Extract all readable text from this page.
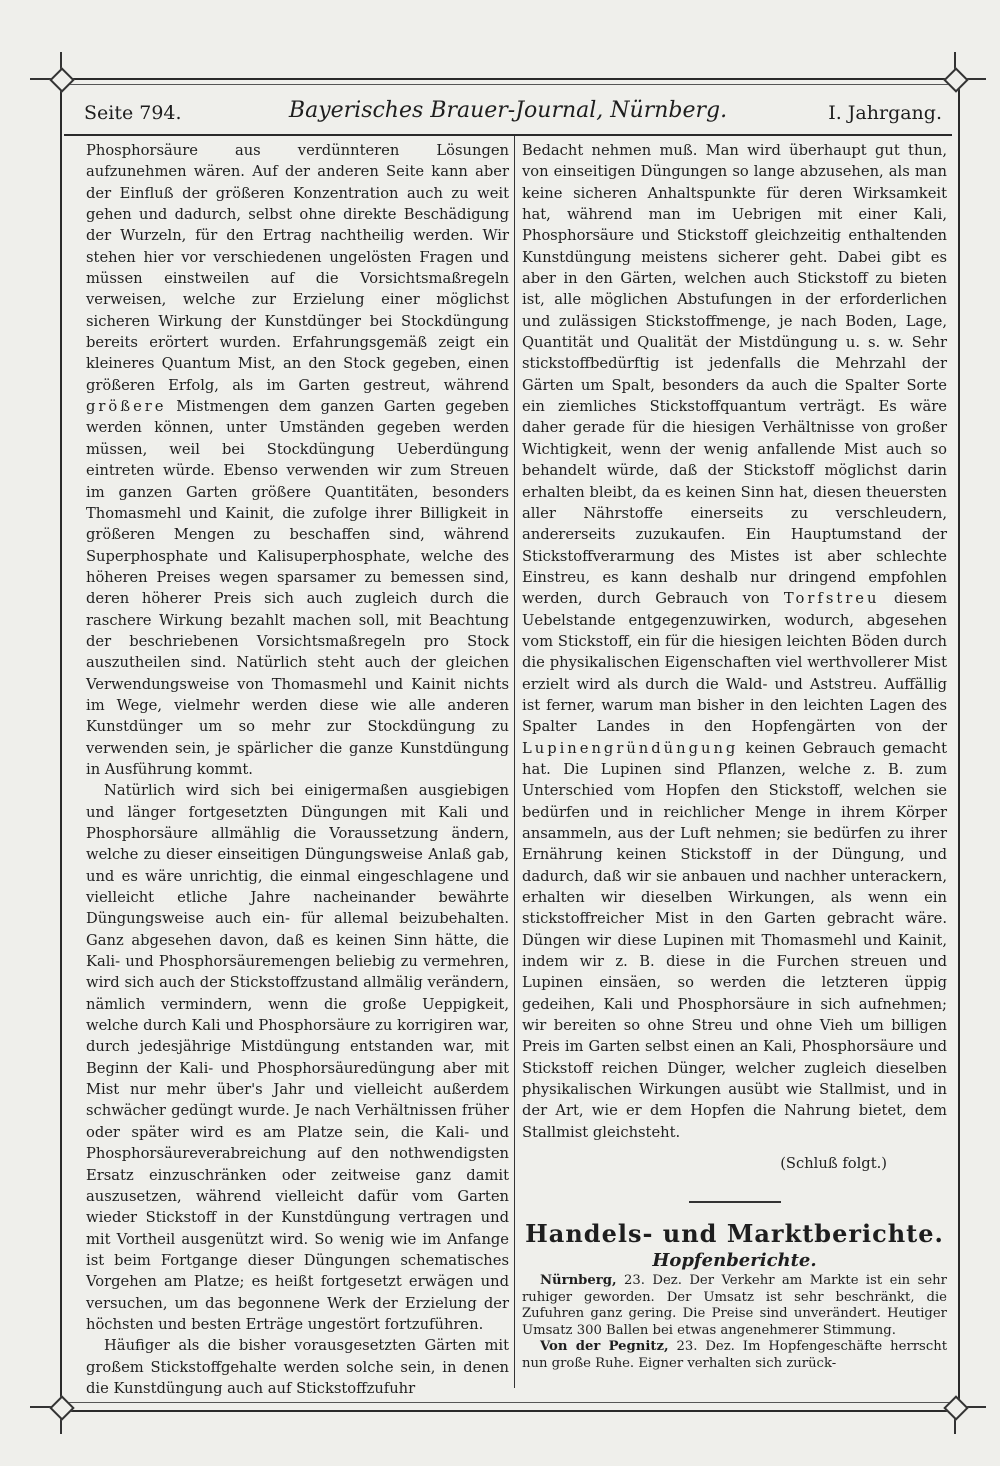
Seite 794.	Bayerisches Brauer-Journal, Nürnberg.	I. Jahrgang.

Phosphorsäure aus verdünnteren Lösungen aufzunehmen wären. Auf der anderen Seite kann aber der Einfluß der größeren Konzentration auch zu weit gehen und dadurch, selbst ohne direkte Beschädigung der Wurzeln, für den Ertrag nachtheilig werden. Wir stehen hier vor verschiedenen ungelösten Fragen und müssen einstweilen auf die Vorsichtsmaßregeln verweisen, welche zur Erzielung einer möglichst sicheren Wirkung der Kunstdünger bei Stockdüngung bereits erörtert wurden. Erfahrungsgemäß zeigt ein kleineres Quantum Mist, an den Stock gegeben, einen größeren Erfolg, als im Garten gestreut, während größere Mistmengen dem ganzen Garten gegeben werden können, unter Umständen gegeben werden müssen, weil bei Stockdüngung Ueberdüngung eintreten würde. Ebenso verwenden wir zum Streuen im ganzen Garten größere Quantitäten, besonders Thomasmehl und Kainit, die zufolge ihrer Billigkeit in größeren Mengen zu beschaffen sind, während Superphosphate und Kalisuperphosphate, welche des höheren Preises wegen sparsamer zu bemessen sind, deren höherer Preis sich auch zugleich durch die raschere Wirkung bezahlt machen soll, mit Beachtung der beschriebenen Vorsichtsmaßregeln pro Stock auszutheilen sind. Natürlich steht auch der gleichen Verwendungsweise von Thomasmehl und Kainit nichts im Wege, vielmehr werden diese wie alle anderen Kunstdünger um so mehr zur Stockdüngung zu verwenden sein, je spärlicher die ganze Kunstdüngung in Ausführung kommt.

Natürlich wird sich bei einigermaßen ausgiebigen und länger fortgesetzten Düngungen mit Kali und Phosphorsäure allmählig die Voraussetzung ändern, welche zu dieser einseitigen Düngungsweise Anlaß gab, und es wäre unrichtig, die einmal eingeschlagene und vielleicht etliche Jahre nacheinander bewährte Düngungsweise auch ein- für allemal beizubehalten. Ganz abgesehen davon, daß es keinen Sinn hätte, die Kali- und Phosphorsäuremengen beliebig zu vermehren, wird sich auch der Stickstoffzustand allmälig verändern, nämlich vermindern, wenn die große Ueppigkeit, welche durch Kali und Phosphorsäure zu korrigiren war, durch jedesjährige Mistdüngung entstanden war, mit Beginn der Kali- und Phosphorsäuredüngung aber mit Mist nur mehr über's Jahr und vielleicht außerdem schwächer gedüngt wurde. Je nach Verhältnissen früher oder später wird es am Platze sein, die Kali- und Phosphorsäureverabreichung auf den nothwendigsten Ersatz einzuschränken oder zeitweise ganz damit auszusetzen, während vielleicht dafür vom Garten wieder Stickstoff in der Kunstdüngung vertragen und mit Vortheil ausgenützt wird. So wenig wie im Anfange ist beim Fortgange dieser Düngungen schematisches Vorgehen am Platze; es heißt fortgesetzt erwägen und versuchen, um das begonnene Werk der Erzielung der höchsten und besten Erträge ungestört fortzuführen.

Häufiger als die bisher vorausgesetzten Gärten mit großem Stickstoffgehalte werden solche sein, in denen die Kunstdüngung auch auf Stickstoffzufuhr

Bedacht nehmen muß. Man wird überhaupt gut thun, von einseitigen Düngungen so lange abzusehen, als man keine sicheren Anhaltspunkte für deren Wirksamkeit hat, während man im Uebrigen mit einer Kali, Phosphorsäure und Stickstoff gleichzeitig enthaltenden Kunstdüngung meistens sicherer geht. Dabei gibt es aber in den Gärten, welchen auch Stickstoff zu bieten ist, alle möglichen Abstufungen in der erforderlichen und zulässigen Stickstoffmenge, je nach Boden, Lage, Quantität und Qualität der Mistdüngung u. s. w. Sehr stickstoffbedürftig ist jedenfalls die Mehrzahl der Gärten um Spalt, besonders da auch die Spalter Sorte ein ziemliches Stickstoffquantum verträgt. Es wäre daher gerade für die hiesigen Verhältnisse von großer Wichtigkeit, wenn der wenig anfallende Mist auch so behandelt würde, daß der Stickstoff möglichst darin erhalten bleibt, da es keinen Sinn hat, diesen theuersten aller Nährstoffe einerseits zu verschleudern, andererseits zuzukaufen. Ein Hauptumstand der Stickstoffverarmung des Mistes ist aber schlechte Einstreu, es kann deshalb nur dringend empfohlen werden, durch Gebrauch von Torfstreu diesem Uebelstande entgegenzuwirken, wodurch, abgesehen vom Stickstoff, ein für die hiesigen leichten Böden durch die physikalischen Eigenschaften viel werthvollerer Mist erzielt wird als durch die Wald- und Aststreu. Auffällig ist ferner, warum man bisher in den leichten Lagen des Spalter Landes in den Hopfengärten von der Lupinengründüngung keinen Gebrauch gemacht hat. Die Lupinen sind Pflanzen, welche z. B. zum Unterschied vom Hopfen den Stickstoff, welchen sie bedürfen und in reichlicher Menge in ihrem Körper ansammeln, aus der Luft nehmen; sie bedürfen zu ihrer Ernährung keinen Stickstoff in der Düngung, und dadurch, daß wir sie anbauen und nachher unterackern, erhalten wir dieselben Wirkungen, als wenn ein stickstoffreicher Mist in den Garten gebracht wäre. Düngen wir diese Lupinen mit Thomasmehl und Kainit, indem wir z. B. diese in die Furchen streuen und Lupinen einsäen, so werden die letzteren üppig gedeihen, Kali und Phosphorsäure in sich aufnehmen; wir bereiten so ohne Streu und ohne Vieh um billigen Preis im Garten selbst einen an Kali, Phosphorsäure und Stickstoff reichen Dünger, welcher zugleich dieselben physikalischen Wirkungen ausübt wie Stallmist, und in der Art, wie er dem Hopfen die Nahrung bietet, dem Stallmist gleichsteht.

(Schluß folgt.)

Handels- und Marktberichte.

Hopfenberichte.

Nürnberg, 23. Dez. Der Verkehr am Markte ist ein sehr ruhiger geworden. Der Umsatz ist sehr beschränkt, die Zufuhren ganz gering. Die Preise sind unverändert. Heutiger Umsatz 300 Ballen bei etwas angenehmerer Stimmung.

Von der Pegnitz, 23. Dez. Im Hopfengeschäfte herrscht nun große Ruhe. Eigner verhalten sich zurück-
